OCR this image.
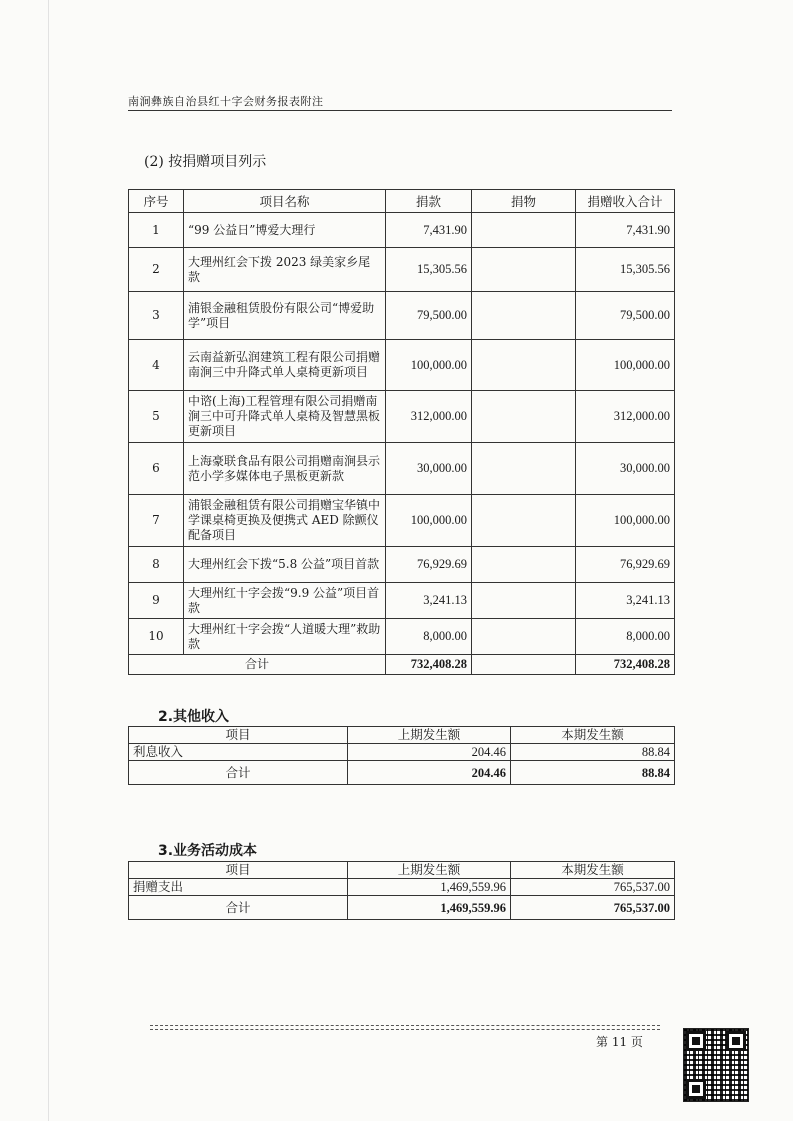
南涧彝族自治县红十字会财务报表附注
(2) 按捐赠项目列示
序号	项目名称	捐款	捐物	捐赠收入合计
1	“99 公益日”博爱大理行	7,431.90		7,431.90
2	大理州红会下拨 2023 绿美家乡尾款	15,305.56		15,305.56
3	浦银金融租赁股份有限公司“博爱助学”项目	79,500.00		79,500.00
4	云南益新弘润建筑工程有限公司捐赠南涧三中升降式单人桌椅更新项目	100,000.00		100,000.00
5	中谘(上海)工程管理有限公司捐赠南涧三中可升降式单人桌椅及智慧黑板更新项目	312,000.00		312,000.00
6	上海豪联食品有限公司捐赠南涧县示范小学多媒体电子黑板更新款	30,000.00		30,000.00
7	浦银金融租赁有限公司捐赠宝华镇中学课桌椅更换及便携式 AED 除颤仪配备项目	100,000.00		100,000.00
8	大理州红会下拨“5.8 公益”项目首款	76,929.69		76,929.69
9	大理州红十字会拨“9.9 公益”项目首款	3,241.13		3,241.13
10	大理州红十字会拨“人道暖大理”救助款	8,000.00		8,000.00
合计		732,408.28		732,408.28
2.其他收入
项目	上期发生额	本期发生额
利息收入	204.46	88.84
合计	204.46	88.84
3.业务活动成本
项目	上期发生额	本期发生额
捐赠支出	1,469,559.96	765,537.00
合计	1,469,559.96	765,537.00
第 11 页
